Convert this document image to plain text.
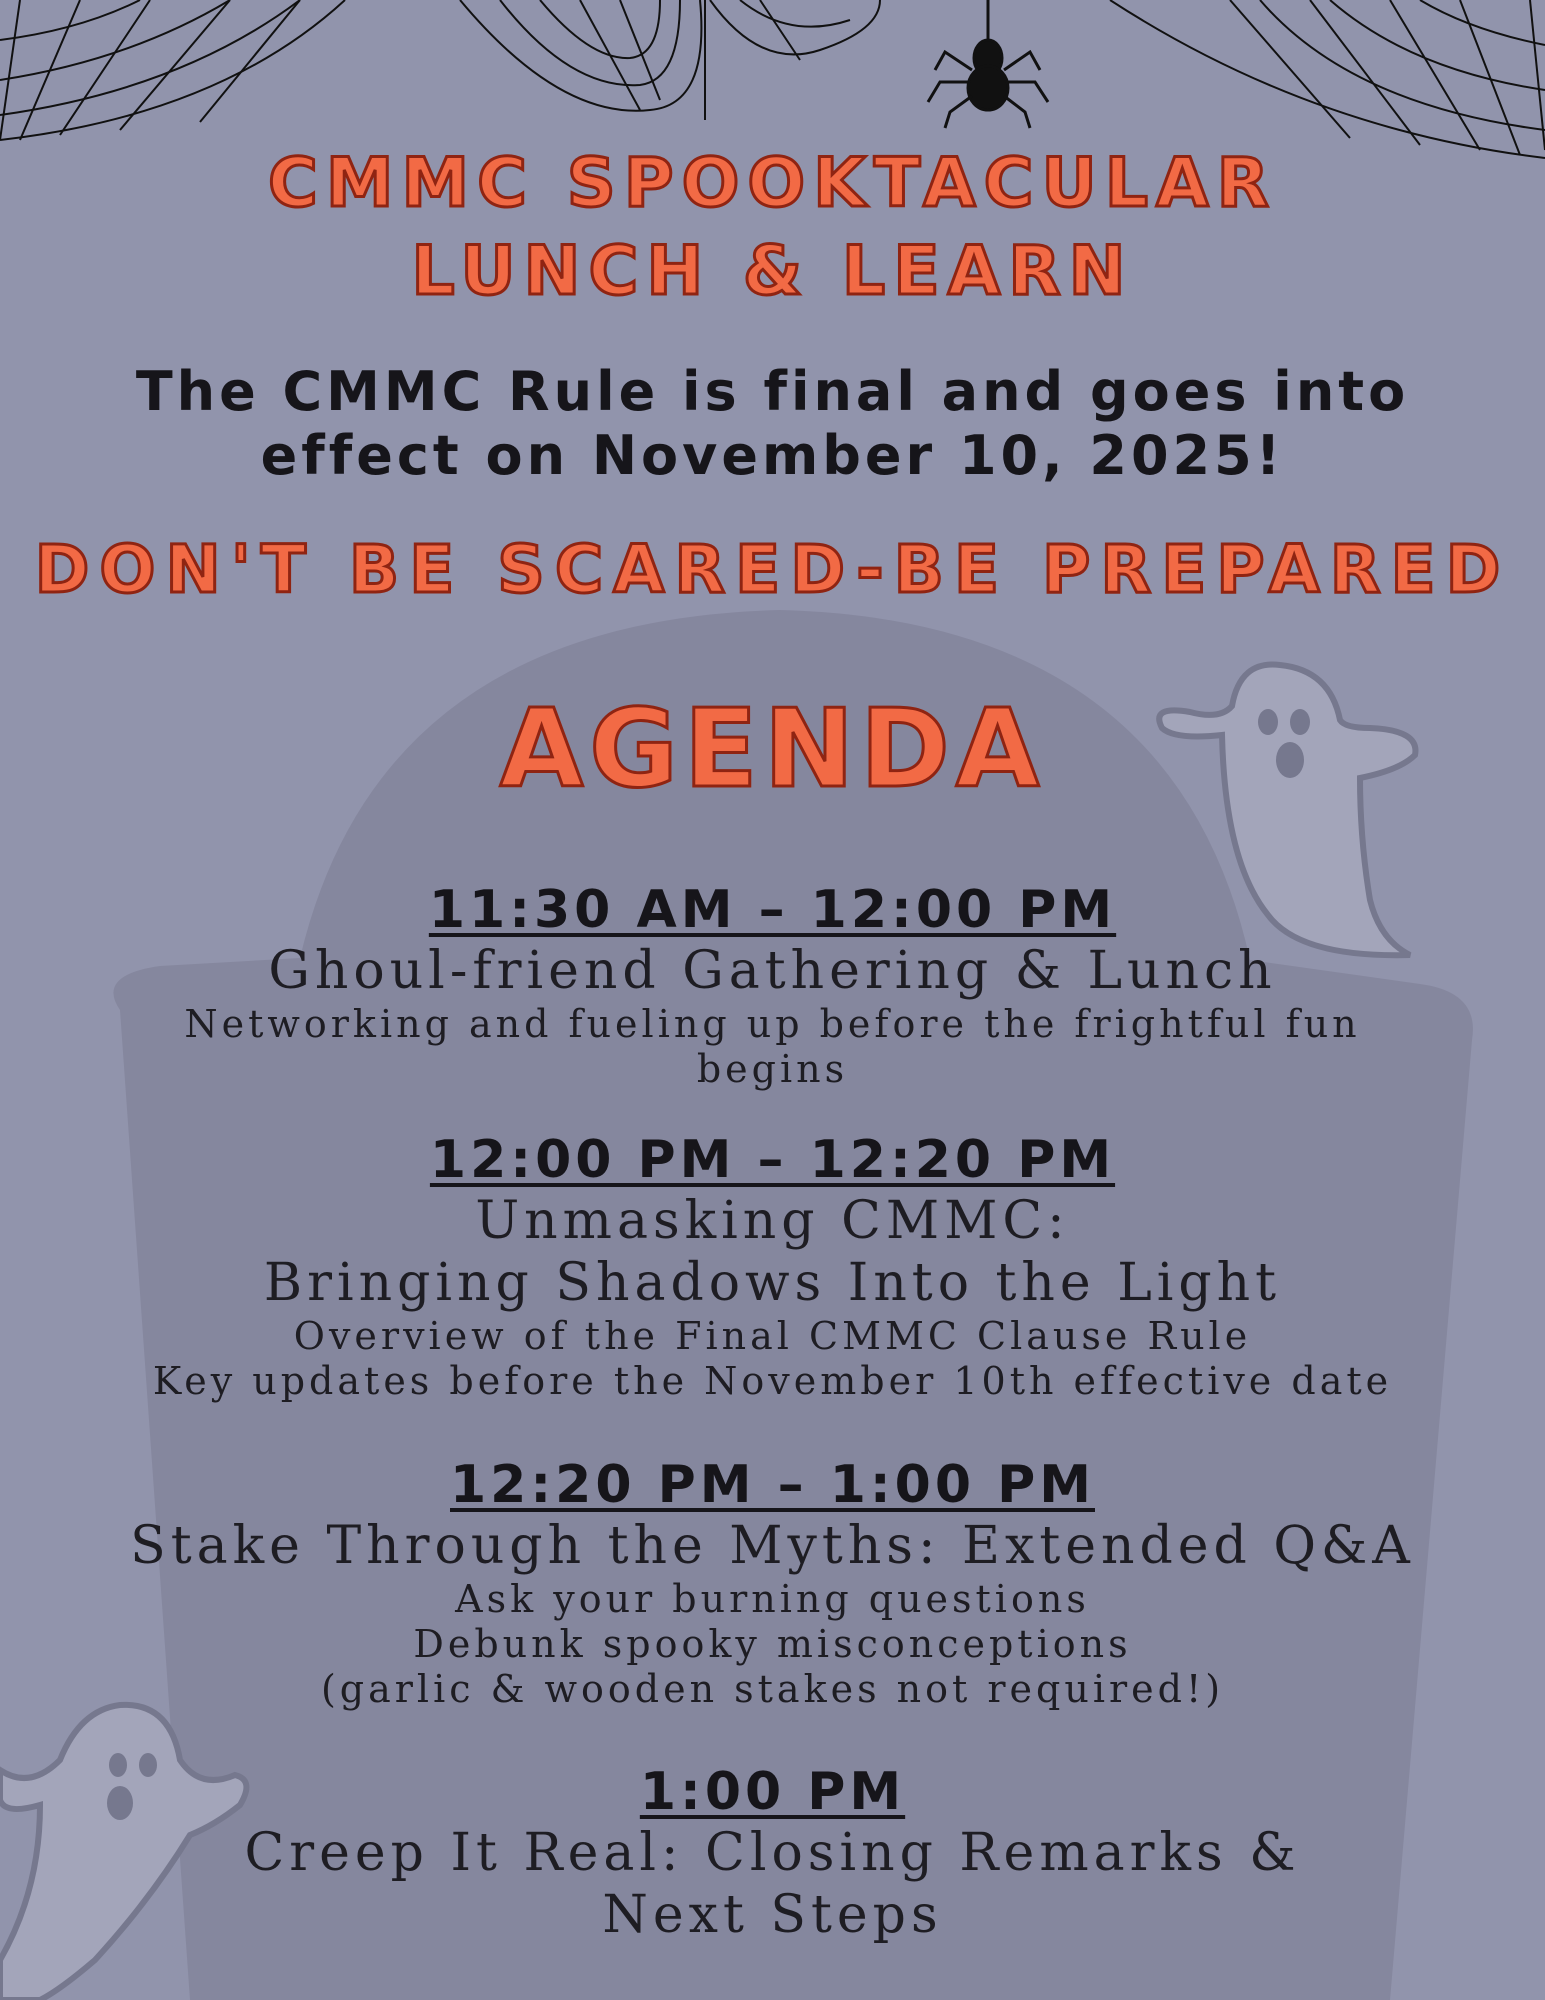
CMMC SPOOKTACULAR
LUNCH & LEARN

The CMMC Rule is final and goes into
effect on November 10, 2025!

DON'T BE SCARED-BE PREPARED
AGENDA
11:30 AM – 12:00 PM
Ghoul-friend Gathering & Lunch
Networking and fueling up before the frightful fun
begins
12:00 PM – 12:20 PM
Unmasking CMMC:
Bringing Shadows Into the Light
Overview of the Final CMMC Clause Rule
Key updates before the November 10th effective date
12:20 PM – 1:00 PM
Stake Through the Myths: Extended Q&A
Ask your burning questions
Debunk spooky misconceptions
(garlic & wooden stakes not required!)
1:00 PM
Creep It Real: Closing Remarks &
Next Steps
